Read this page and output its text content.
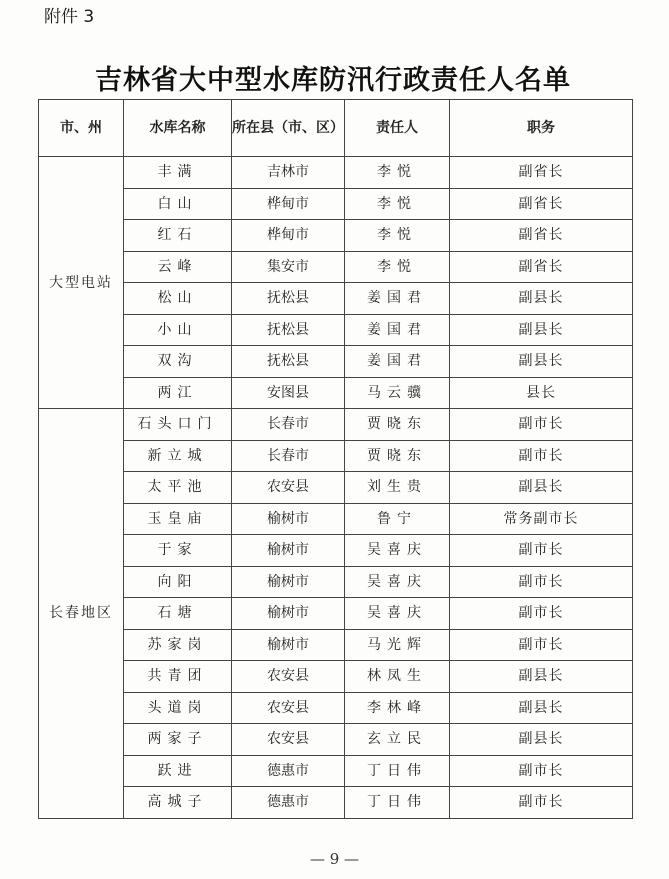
附件 3
吉林省大中型水库防汛行政责任人名单
市、州	水库名称	所在县（市、区）	责任人	职务
大型电站	丰满	吉林市	李悦	副省长
	白山	桦甸市	李悦	副省长
	红石	桦甸市	李悦	副省长
	云峰	集安市	李悦	副省长
	松山	抚松县	姜国君	副县长
	小山	抚松县	姜国君	副县长
	双沟	抚松县	姜国君	副县长
	两江	安图县	马云骥	县长
长春地区	石头口门	长春市	贾晓东	副市长
	新立城	长春市	贾晓东	副市长
	太平池	农安县	刘生贵	副县长
	玉皇庙	榆树市	鲁宁	常务副市长
	于家	榆树市	吴喜庆	副市长
	向阳	榆树市	吴喜庆	副市长
	石塘	榆树市	吴喜庆	副市长
	苏家岗	榆树市	马光辉	副市长
	共青团	农安县	林凤生	副县长
	头道岗	农安县	李林峰	副县长
	两家子	农安县	玄立民	副县长
	跃进	德惠市	丁日伟	副市长
	高城子	德惠市	丁日伟	副市长
— 9 —
